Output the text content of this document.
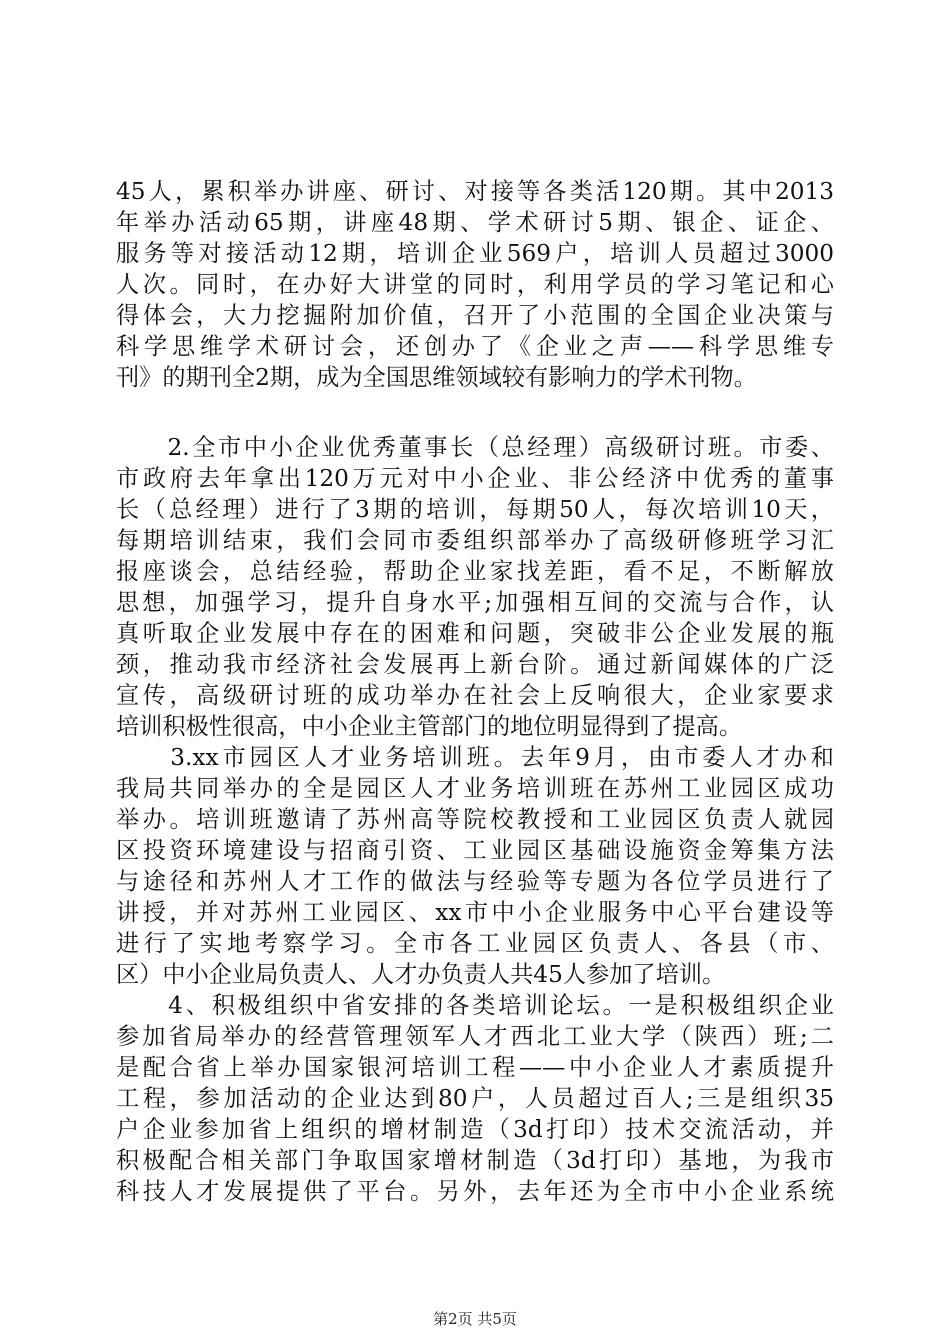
45人，累积举办讲座、研讨、对接等各类活120期。其中2013
年举办活动65期，讲座48期、学术研讨5期、银企、证企、
服务等对接活动12期，培训企业569户，培训人员超过3000
人次。同时，在办好大讲堂的同时，利用学员的学习笔记和心
得体会，大力挖掘附加价值，召开了小范围的全国企业决策与
科学思维学术研讨会，还创办了《企业之声——科学思维专
刊》的期刊全2期，成为全国思维领域较有影响力的学术刊物。
　　2.全市中小企业优秀董事长（总经理）高级研讨班。市委、
市政府去年拿出120万元对中小企业、非公经济中优秀的董事
长（总经理）进行了3期的培训，每期50人，每次培训10天，
每期培训结束，我们会同市委组织部举办了高级研修班学习汇
报座谈会，总结经验，帮助企业家找差距，看不足，不断解放
思想，加强学习，提升自身水平;加强相互间的交流与合作，认
真听取企业发展中存在的困难和问题，突破非公企业发展的瓶
颈，推动我市经济社会发展再上新台阶。通过新闻媒体的广泛
宣传，高级研讨班的成功举办在社会上反响很大，企业家要求
培训积极性很高，中小企业主管部门的地位明显得到了提高。
　　3.xx市园区人才业务培训班。去年9月，由市委人才办和
我局共同举办的全是园区人才业务培训班在苏州工业园区成功
举办。培训班邀请了苏州高等院校教授和工业园区负责人就园
区投资环境建设与招商引资、工业园区基础设施资金筹集方法
与途径和苏州人才工作的做法与经验等专题为各位学员进行了
讲授，并对苏州工业园区、xx市中小企业服务中心平台建设等
进行了实地考察学习。全市各工业园区负责人、各县（市、
区）中小企业局负责人、人才办负责人共45人参加了培训。
　　4、积极组织中省安排的各类培训论坛。一是积极组织企业
参加省局举办的经营管理领军人才西北工业大学（陕西）班;二
是配合省上举办国家银河培训工程——中小企业人才素质提升
工程，参加活动的企业达到80户，人员超过百人;三是组织35
户企业参加省上组织的增材制造（3d打印）技术交流活动，并
积极配合相关部门争取国家增材制造（3d打印）基地，为我市
科技人才发展提供了平台。另外，去年还为全市中小企业系统
第2页 共5页
